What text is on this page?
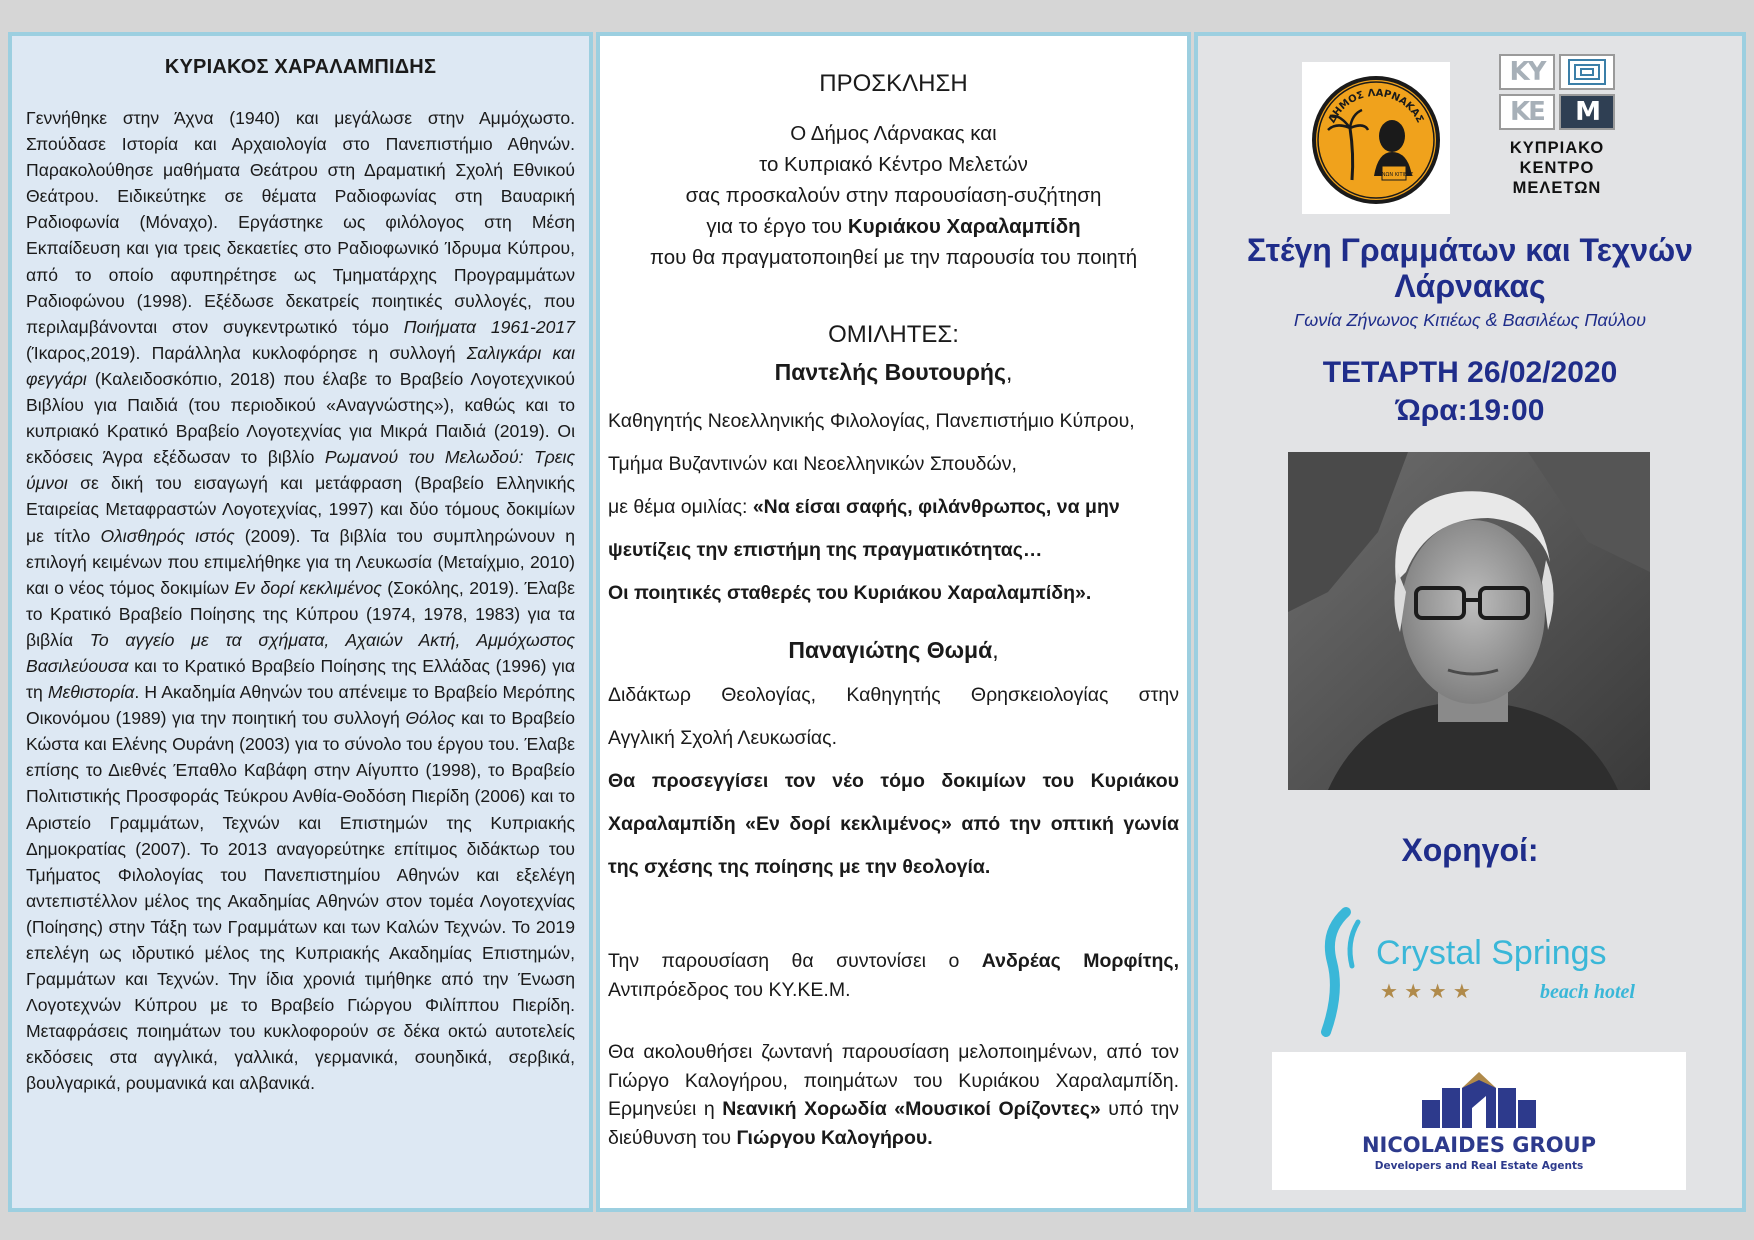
ΚΥΡΙΑΚΟΣ ΧΑΡΑΛΑΜΠΙΔΗΣ
Γεννήθηκε στην Άχνα (1940) και μεγάλωσε στην Αμμόχωστο. Σπούδασε Ιστορία και Αρχαιολογία στο Πανεπιστήμιο Αθηνών. Παρακολούθησε μαθήματα Θεάτρου στη Δραματική Σχολή Εθνικού Θεάτρου. Ειδικεύτηκε σε θέματα Ραδιοφωνίας στη Βαυαρική Ραδιοφωνία (Μόναχο). Εργάστηκε ως φιλόλογος στη Μέση Εκπαίδευση και για τρεις δεκαετίες στο Ραδιοφωνικό Ίδρυμα Κύπρου, από το οποίο αφυπηρέτησε ως Τμηματάρχης Προγραμμάτων Ραδιοφώνου (1998). Εξέδωσε δεκατρείς ποιητικές συλλογές, που περιλαμβάνονται στον συγκεντρωτικό τόμο Ποιήματα 1961-2017 (Ίκαρος,2019). Παράλληλα κυκλοφόρησε η συλλογή Σαλιγκάρι και φεγγάρι (Καλειδοσκόπιο, 2018) που έλαβε το Βραβείο Λογοτεχνικού Βιβλίου για Παιδιά (του περιοδικού «Αναγνώστης»), καθώς και το κυπριακό Κρατικό Βραβείο Λογοτεχνίας για Μικρά Παιδιά (2019). Οι εκδόσεις Άγρα εξέδωσαν το βιβλίο Ρωμανού του Μελωδού: Τρεις ύμνοι σε δική του εισαγωγή και μετάφραση (Βραβείο Ελληνικής Εταιρείας Μεταφραστών Λογοτεχνίας, 1997) και δύο τόμους δοκιμίων με τίτλο Ολισθηρός ιστός (2009). Τα βιβλία του συμπληρώνουν η επιλογή κειμένων που επιμελήθηκε για τη Λευκωσία (Μεταίχμιο, 2010) και ο νέος τόμος δοκιμίων Εν δορί κεκλιμένος (Σοκόλης, 2019). Έλαβε το Κρατικό Βραβείο Ποίησης της Κύπρου (1974, 1978, 1983) για τα βιβλία Το αγγείο με τα σχήματα, Αχαιών Ακτή, Αμμόχωστος Βασιλεύουσα και το Κρατικό Βραβείο Ποίησης της Ελλάδας (1996) για τη Μεθιστορία. Η Ακαδημία Αθηνών του απένειμε το Βραβείο Μερόπης Οικονόμου (1989) για την ποιητική του συλλογή Θόλος και το Βραβείο Κώστα και Ελένης Ουράνη (2003) για το σύνολο του έργου του. Έλαβε επίσης το Διεθνές Έπαθλο Καβάφη στην Αίγυπτο (1998), το Βραβείο Πολιτιστικής Προσφοράς Τεύκρου Ανθία-Θοδόση Πιερίδη (2006) και το Αριστείο Γραμμάτων, Τεχνών και Επιστημών της Κυπριακής Δημοκρατίας (2007). Το 2013 αναγορεύτηκε επίτιμος διδάκτωρ του Τμήματος Φιλολογίας του Πανεπιστημίου Αθηνών και εξελέγη αντεπιστέλλον μέλος της Ακαδημίας Αθηνών στον τομέα Λογοτεχνίας (Ποίησης) στην Τάξη των Γραμμάτων και των Καλών Τεχνών. Το 2019 επελέγη ως ιδρυτικό μέλος της Κυπριακής Ακαδημίας Επιστημών, Γραμμάτων και Τεχνών. Την ίδια χρονιά τιμήθηκε από την Ένωση Λογοτεχνών Κύπρου με το Βραβείο Γιώργου Φιλίππου Πιερίδη. Μεταφράσεις ποιημάτων του κυκλοφορούν σε δέκα οκτώ αυτοτελείς εκδόσεις στα αγγλικά, γαλλικά, γερμανικά, σουηδικά, σερβικά, βουλγαρικά, ρουμανικά και αλβανικά.
ΠΡΟΣΚΛΗΣΗ
Ο Δήμος Λάρνακας και
το Κυπριακό Κέντρο Μελετών
σας προσκαλούν στην παρουσίαση-συζήτηση
για το έργο του Κυριάκου Χαραλαμπίδη
που θα πραγματοποιηθεί με την παρουσία του ποιητή
ΟΜΙΛΗΤΕΣ:
Παντελής Βουτουρής,
Καθηγητής Νεοελληνικής Φιλολογίας, Πανεπιστήμιο Κύπρου,
Τμήμα Βυζαντινών και Νεοελληνικών Σπουδών,
με θέμα ομιλίας: «Να είσαι σαφής, φιλάνθρωπος, να μην
ψευτίζεις την επιστήμη της πραγματικότητας…
Οι ποιητικές σταθερές του Κυριάκου Χαραλαμπίδη».
Παναγιώτης Θωμά,
Διδάκτωρ Θεολογίας, Καθηγητής Θρησκειολογίας στην
Αγγλική Σχολή Λευκωσίας.
Θα προσεγγίσει τον νέο τόμο δοκιμίων του Κυριάκου
Χαραλαμπίδη «Εν δορί κεκλιμένος» από την οπτική γωνία
της σχέσης της ποίησης με την θεολογία.
Την παρουσίαση θα συντονίσει ο Ανδρέας Μορφίτης, Αντιπρόεδρος του ΚΥ.ΚΕ.Μ.
Θα ακολουθήσει ζωντανή παρουσίαση μελοποιημένων, από τον Γιώργο Καλογήρου, ποιημάτων του Κυριάκου Χαραλαμπίδη. Ερμηνεύει η Νεανική Χορωδία «Μουσικοί Ορίζοντες» υπό την διεύθυνση του Γιώργου Καλογήρου.
ΔΗΜΟΣ ΛΑΡΝΑΚΑΣ
ΖΗΝΩΝ ΚΙΤΙΕΥΣ
ΚΥ
ΚΕ	Μ
ΚΥΠΡΙΑΚΟ
ΚΕΝΤΡΟ
ΜΕΛΕΤΩΝ
Στέγη Γραμμάτων και Τεχνών
Λάρνακας
Γωνία Ζήνωνος Κιτιέως & Βασιλέως Παύλου
ΤΕΤΑΡΤΗ 26/02/2020
Ώρα:19:00
Χορηγοί:
Crystal Springs
★ ★ ★ ★	beach hotel
NICOLAIDES GROUP
Developers and Real Estate Agents
